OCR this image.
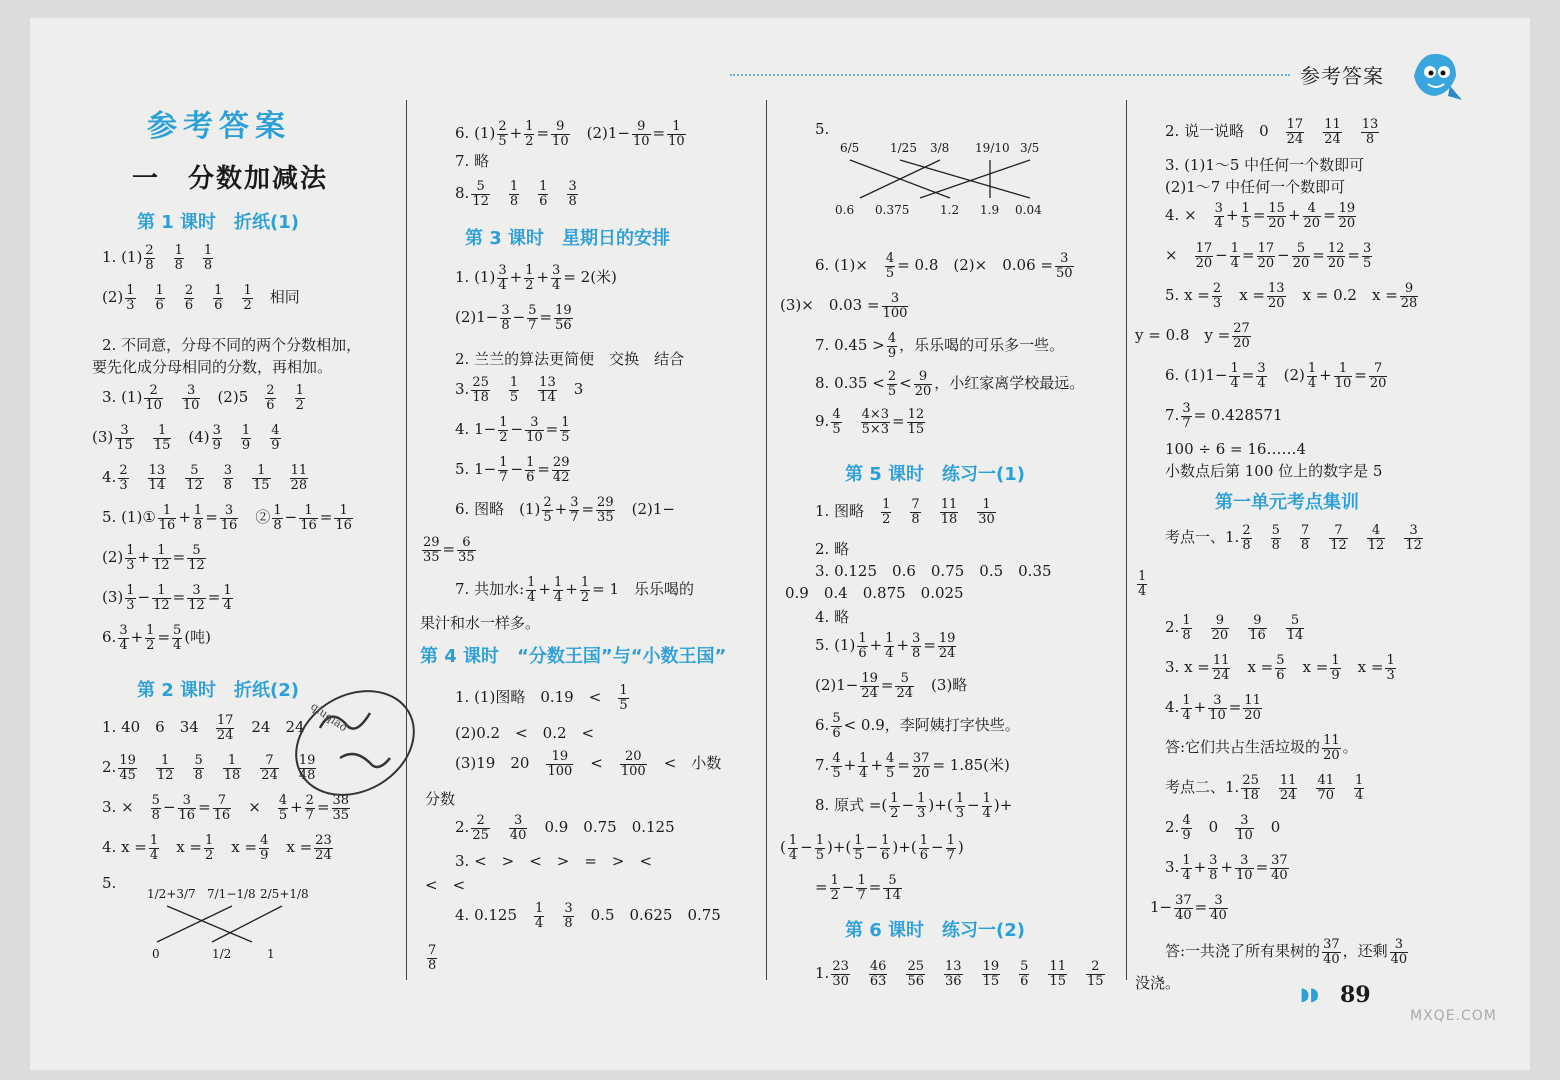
参考答案
参考答案
一　分数加减法
第 1 课时　折纸(1)
1. $(1) \frac{2}{8}$
　 $\frac{1}{8}$
　 $\frac{1}{8}$
$(2) \frac{1}{3}$
　 $\frac{1}{6}$
　 $\frac{2}{6}$
　 $\frac{1}{6}$
　 $\frac{1}{2}$
　 相同
2. 不同意，分母不同的两个分数相加，
要先化成分母相同的分数，再相加。
3. $(1) \frac{2}{10}$
　 $\frac{3}{10}$
　 (2)5　 $\frac{2}{6}$
　 $\frac{1}{2}$
$(3) \frac{3}{15}$
　 $\frac{1}{15}$
　 $(4) \frac{3}{9}$
　 $\frac{1}{9}$
　 $\frac{4}{9}$
4. $\frac{2}{3}$
　 $\frac{13}{14}$
　 $\frac{5}{12}$
　 $\frac{3}{8}$
　 $\frac{1}{15}$
　 $\frac{11}{28}$
5. (1)① $\frac{1}{16} + \frac{1}{8} = \frac{3}{16}$
　 ② $\frac{1}{8} - \frac{1}{16} = \frac{1}{16}$
$(2) \frac{1}{3} + \frac{1}{12} = \frac{5}{12}$
$(3) \frac{1}{3} - \frac{1}{12} = \frac{3}{12} = \frac{1}{4}$
6. $\frac{3}{4} + \frac{1}{2} = \frac{5}{4}$ (吨)
第 2 课时　折纸(2)
1. 40　6　34　 $\frac{17}{24}$
　 24　24
2. $\frac{19}{45}$
　 $\frac{1}{12}$
　 $\frac{5}{8}$
　 $\frac{1}{18}$
　 $\frac{7}{24}$
　 $\frac{19}{48}$
3. ×　 $\frac{5}{8} - \frac{3}{16} = \frac{7}{16}$
　 ×　 $\frac{4}{5} + \frac{2}{7} = \frac{38}{35}$
4. $x = \frac{1}{4}$
　 $x = \frac{1}{2}$
　 $x = \frac{4}{9}$
　 $x = \frac{23}{24}$
5.
1/2+3/7 7/1−1/8 2/5+1/8
0	1/2	1
6. $(1) \frac{2}{5} + \frac{1}{2} = \frac{9}{10}$
　 $(2)1- \frac{9}{10} = \frac{1}{10}$
7. 略
8. $\frac{5}{12}$
　 $\frac{1}{8}$
　 $\frac{1}{6}$
　 $\frac{3}{8}$
第 3 课时　星期日的安排
1. $(1) \frac{3}{4} + \frac{1}{2} + \frac{3}{4} = 2$(米)
$(2)1- \frac{3}{8} - \frac{5}{7} = \frac{19}{56}$
2. 兰兰的算法更简便　交换　结合
3. $\frac{25}{18}$
　 $\frac{1}{5}$
　 $\frac{13}{14}$
　 3
4. $1- \frac{1}{2} - \frac{3}{10} = \frac{1}{5}$
5. $1- \frac{1}{7} - \frac{1}{6} = \frac{29}{42}$
6. 图略　$(1) \frac{2}{5} + \frac{3}{7} = \frac{29}{35}$
　 (2)1−
$\frac{29}{35} = \frac{6}{35}$
7. 共加水: $\frac{1}{4} + \frac{1}{4} + \frac{1}{2} = 1$　乐乐喝的
果汁和水一样多。
第 4 课时　“分数王国”与“小数王国”
1. (1)图略　0.19　<　 $\frac{1}{5}$
(2)0.2　<　0.2　<
(3)19　20　 $\frac{19}{100}$
　 <　 $\frac{20}{100}$
　 <　小数
分数
2. $\frac{2}{25}$
　 $\frac{3}{40}$
　 0.9　0.75　0.125
3. <　>　<　>　=　>　<
<　<
4. 0.125　 $\frac{1}{4}$
　 $\frac{3}{8}$
　 0.5　0.625　0.75
$\frac{7}{8}$
5.
6/5	1/25 3/8 19/10 3/5
0.6 0.375	1.2 1.9 0.04
6. (1)×　 $\frac{4}{5} = 0.8$　(2)×　$0.06 = \frac{3}{50}$
(3)×　$0.03 = \frac{3}{100}$
7. $0.45 > \frac{4}{9}$ ，乐乐喝的可乐多一些。
8. $0.35 < \frac{2}{5} < \frac{9}{20}$ ，小红家离学校最远。
9. $\frac{4}{5}$
　 $\frac{4\times 3}{5\times 3} = \frac{12}{15}$
第 5 课时　练习一(1)
1. 图略　 $\frac{1}{2}$
　 $\frac{7}{8}$
　 $\frac{11}{18}$
　 $\frac{1}{30}$
2. 略
3. 0.125　0.6　0.75　0.5　0.35
0.9　0.4　0.875　0.025
4. 略
5. $(1) \frac{1}{6} + \frac{1}{4} + \frac{3}{8} = \frac{19}{24}$
$(2)1- \frac{19}{24} = \frac{5}{24}$
　 (3)略
6. $\frac{5}{6} < 0.9$，李阿姨打字快些。
7. $\frac{4}{5} + \frac{1}{4} + \frac{4}{5} = \frac{37}{20} = 1.85$(米)
8. 原式 =( $\frac{1}{2} - \frac{1}{3}$ )+( $\frac{1}{3} - \frac{1}{4}$ )+
( $\frac{1}{4} - \frac{1}{5}$ )+( $\frac{1}{5} - \frac{1}{6}$ )+( $\frac{1}{6} - \frac{1}{7}$ )
= $\frac{1}{2} - \frac{1}{7} = \frac{5}{14}$
第 6 课时　练习一(2)
1. $\frac{23}{30}$
　 $\frac{46}{63}$
　 $\frac{25}{56}$
　 $\frac{13}{36}$
　 $\frac{19}{15}$
　 $\frac{5}{6}$
　 $\frac{11}{15}$
　 $\frac{2}{15}$
2. 说一说略　0　 $\frac{17}{24}$
　 $\frac{11}{24}$
　 $\frac{13}{8}$
3. (1)1～5 中任何一个数即可
(2)1～7 中任何一个数即可
4. ×　 $\frac{3}{4} + \frac{1}{5} = \frac{15}{20} + \frac{4}{20} = \frac{19}{20}$
×　 $\frac{17}{20} - \frac{1}{4} = \frac{17}{20} - \frac{5}{20} = \frac{12}{20} = \frac{3}{5}$
5. $x = \frac{2}{3}$
　 $x = \frac{13}{20}$
　 x = 0.2　$x = \frac{9}{28}$
y = 0.8　$y = \frac{27}{20}$
6. $(1)1- \frac{1}{4} = \frac{3}{4}$
　 $(2) \frac{1}{4} + \frac{1}{10} = \frac{7}{20}$
7. $\frac{3}{7} = 0.428571$
100 ÷ 6 = 16……4
小数点后第 100 位上的数字是 5
第一单元考点集训
考点一、1. $\frac{2}{8}$
　 $\frac{5}{8}$
　 $\frac{7}{8}$
　 $\frac{7}{12}$
　 $\frac{4}{12}$
　 $\frac{3}{12}$
$\frac{1}{4}$
2. $\frac{1}{8}$
　 $\frac{9}{20}$
　 $\frac{9}{16}$
　 $\frac{5}{14}$
3. $x = \frac{11}{24}$
　 $x = \frac{5}{6}$
　 $x = \frac{1}{9}$
　 $x = \frac{1}{3}$
4. $\frac{1}{4} + \frac{3}{10} = \frac{11}{20}$
答:它们共占生活垃圾的 $\frac{11}{20}$ 。
考点二、1. $\frac{25}{18}$
　 $\frac{11}{24}$
　 $\frac{41}{70}$
　 $\frac{1}{4}$
2. $\frac{4}{9}$
　 0　 $\frac{3}{10}$
　 0
3. $\frac{1}{4} + \frac{3}{8} + \frac{3}{10} = \frac{37}{40}$
$1- \frac{37}{40} = \frac{3}{40}$
答:一共浇了所有果树的 $\frac{37}{40}$ ，还剩 $\frac{3}{40}$
没浇。
qiuqiao
◗◗ 89
MXQE.COM
